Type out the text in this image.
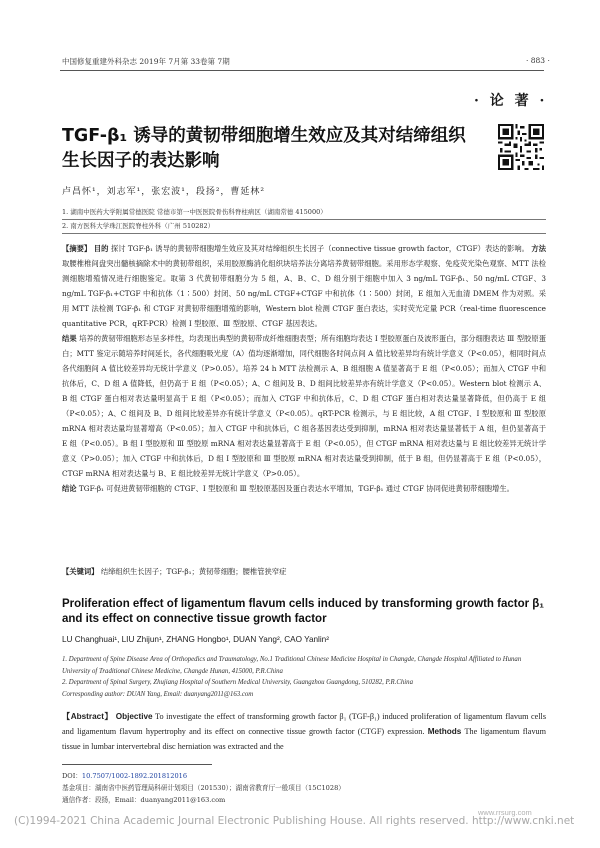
中国修复重建外科杂志 2019年 7月第 33卷第 7期	· 883 ·
· 论 著 ·
TGF-β₁ 诱导的黄韧带细胞增生效应及其对结缔组织生长因子的表达影响
卢昌怀¹，刘志军¹，张宏波¹，段扬²，曹延林²
1. 湖南中医药大学附属常德医院 常德市第一中医医院骨伤科脊柱病区（湖南常德 415000）
2. 南方医科大学珠江医院脊柱外科（广州 510282）
【摘要】 目的 探讨 TGF-β₁ 诱导的黄韧带细胞增生效应及其对结缔组织生长因子（connective tissue growth factor，CTGF）表达的影响。 方法 取腰椎椎间盘突出髓核摘除术中的黄韧带组织，采用胶原酶消化组织块培养法分离培养黄韧带细胞。采用形态学观察、免疫荧光染色观察、MTT 法检测细胞增殖情况进行细胞鉴定。取第 3 代黄韧带细胞分为 5 组，A、B、C、D 组分别于细胞中加入 3 ng/mL TGF-β₁、50 ng/mL CTGF、3 ng/mL TGF-β₁+CTGF 中和抗体（1∶500）封闭、50 ng/mL CTGF+CTGF 中和抗体（1∶500）封闭，E 组加入无血清 DMEM 作为对照。采用 MTT 法检测 TGF-β₁ 和 CTGF 对黄韧带细胞增殖的影响，Western blot 检测 CTGF 蛋白表达，实时荧光定量 PCR（real-time fluorescence quantitative PCR，qRT-PCR）检测 Ⅰ 型胶原、Ⅲ 型胶原、CTGF 基因表达。
结果 培养的黄韧带细胞形态呈多样性，均表现出典型的黄韧带成纤维细胞表型；所有细胞均表达 Ⅰ 型胶原蛋白及波形蛋白，部分细胞表达 Ⅲ 型胶原蛋白；MTT 鉴定示随培养时间延长，各代细胞吸光度（A）值均逐渐增加，同代细胞各时间点间 A 值比较差异均有统计学意义（P<0.05），相同时间点各代细胞间 A 值比较差异均无统计学意义（P>0.05）。培养 24 h MTT 法检测示 A、B 组细胞 A 值显著高于 E 组（P<0.05）；而加入 CTGF 中和抗体后，C、D 组 A 值降低，但仍高于 E 组（P<0.05）；A、C 组间及 B、D 组间比较差异亦有统计学意义（P<0.05）。Western blot 检测示 A、B 组 CTGF 蛋白相对表达量明显高于 E 组（P<0.05）；而加入 CTGF 中和抗体后，C、D 组 CTGF 蛋白相对表达量显著降低，但仍高于 E 组（P<0.05）；A、C 组间及 B、D 组间比较差异亦有统计学意义（P<0.05）。qRT-PCR 检测示，与 E 组比较，A 组 CTGF、Ⅰ 型胶原和 Ⅲ 型胶原 mRNA 相对表达量均显著增高（P<0.05）；加入 CTGF 中和抗体后，C 组各基因表达受到抑制，mRNA 相对表达量显著低于 A 组，但仍显著高于 E 组（P<0.05）。B 组 Ⅰ 型胶原和 Ⅲ 型胶原 mRNA 相对表达量显著高于 E 组（P<0.05），但 CTGF mRNA 相对表达量与 E 组比较差异无统计学意义（P>0.05）；加入 CTGF 中和抗体后，D 组 Ⅰ 型胶原和 Ⅲ 型胶原 mRNA 相对表达量受到抑制，低于 B 组，但仍显著高于 E 组（P<0.05），CTGF mRNA 相对表达量与 B、E 组比较差异无统计学意义（P>0.05）。
结论 TGF-β₁ 可促进黄韧带细胞的 CTGF、Ⅰ 型胶原和 Ⅲ 型胶原基因及蛋白表达水平增加，TGF-β₁ 通过 CTGF 协同促进黄韧带细胞增生。
【关键词】 结缔组织生长因子；TGF-β₁；黄韧带细胞；腰椎管狭窄症
Proliferation effect of ligamentum flavum cells induced by transforming growth factor β₁ and its effect on connective tissue growth factor
LU Changhuai¹, LIU Zhijun¹, ZHANG Hongbo¹, DUAN Yang², CAO Yanlin²
1. Department of Spine Disease Area of Orthopedics and Traumatology, No.1 Traditional Chinese Medicine Hospital in Changde, Changde Hospital Affiliated to Hunan University of Traditional Chinese Medicine, Changde Hunan, 415000, P.R.China
2. Department of Spinal Surgery, Zhujiang Hospital of Southern Medical University, Guangzhou Guangdong, 510282, P.R.China
Corresponding author: DUAN Yang, Email: duanyang2011@163.com
【Abstract】 Objective To investigate the effect of transforming growth factor β₁ (TGF-β₁) induced proliferation of ligamentum flavum cells and ligamentum flavum hypertrophy and its effect on connective tissue growth factor (CTGF) expression. Methods The ligamentum flavum tissue in lumbar intervertebral disc herniation was extracted and the
DOI：10.7507/1002-1892.201812016
基金项目：湖南省中医药管理局科研计划项目（201530）；湖南省教育厅一般项目（15C1028）
通信作者：段扬，Email：duanyang2011@163.com
www.rrsurg.com
(C)1994-2021 China Academic Journal Electronic Publishing House. All rights reserved. http://www.cnki.net
